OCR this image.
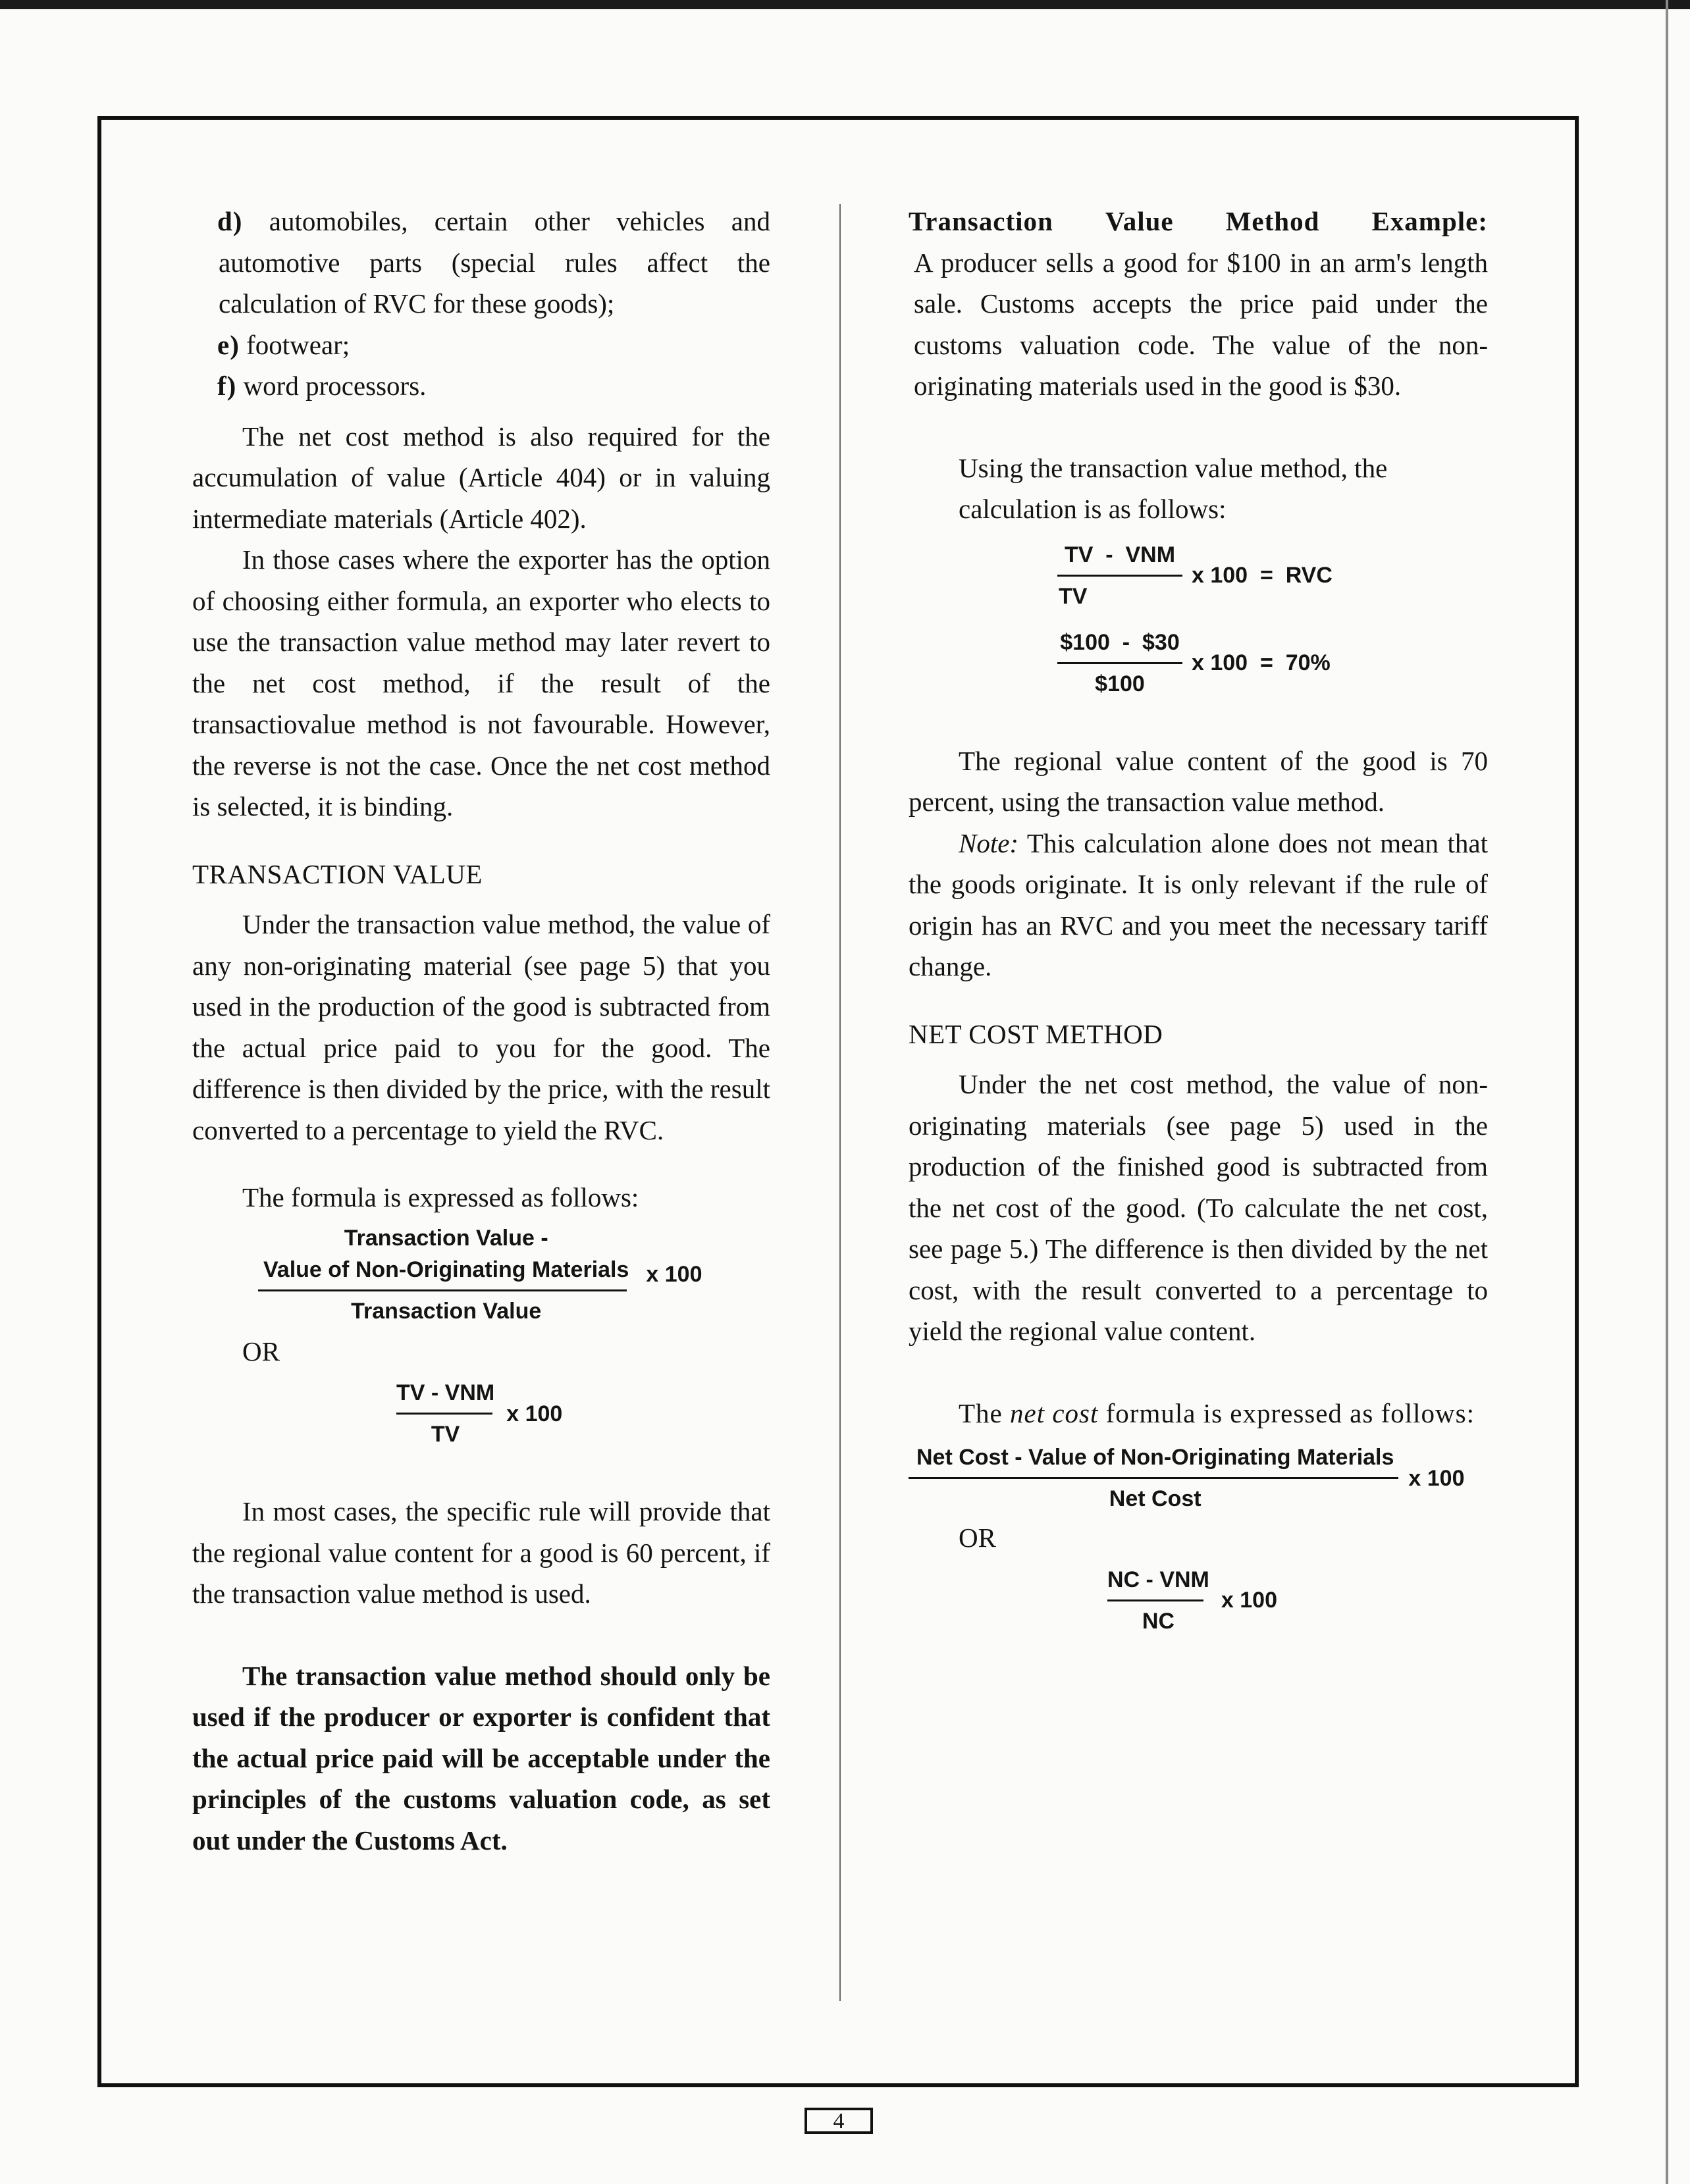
d) automobiles, certain other vehicles and automotive parts (special rules affect the calculation of RVC for these goods);

e) footwear;

f) word processors.

The net cost method is also required for the accumulation of value (Article 404) or in valuing intermediate materials (Article 402).

In those cases where the exporter has the option of choosing either formula, an exporter who elects to use the transaction value method may later revert to the net cost method, if the result of the transactiovalue method is not favourable. However, the reverse is not the case. Once the net cost method is selected, it is binding.

TRANSACTION VALUE

Under the transaction value method, the value of any non-originating material (see page 5) that you used in the production of the good is subtracted from the actual price paid to you for the good. The difference is then divided by the price, with the result converted to a percentage to yield the RVC.

The formula is expressed as follows:

Transaction Value -
Value of Non-Originating Materials
Transaction Value
x 100

OR

$\frac{\text{TV - VNM}}{TV}$ x 100

In most cases, the specific rule will provide that the regional value content for a good is 60 percent, if the transaction value method is used.

The transaction value method should only be used if the producer or exporter is confident that the actual price paid will be acceptable under the principles of the customs valuation code, as set out under the Customs Act.

Transaction Value Method Example:

A producer sells a good for $100 in an arm's length sale. Customs accepts the price paid under the customs valuation code. The value of the non-originating materials used in the good is $30.

Using the transaction value method, the calculation is as follows:

$\frac{\text{TV  -  VNM}}{TV}$ x 100  =  RVC
$\frac{\$100 - \$30}{\$100}$ x 100  =  70%

The regional value content of the good is 70 percent, using the transaction value method.

Note: This calculation alone does not mean that the goods originate. It is only relevant if the rule of origin has an RVC and you meet the necessary tariff change.

NET COST METHOD

Under the net cost method, the value of non-originating materials (see page 5) used in the production of the finished good is subtracted from the net cost of the good. (To calculate the net cost, see page 5.) The difference is then divided by the net cost, with the result converted to a percentage to yield the regional value content.

The net cost formula is expressed as follows:

$\frac{\text{Net Cost - Value of Non-Originating Materials}}{\text{Net Cost}}$ x 100

OR

$\frac{\text{NC - VNM}}{NC}$ x 100
4
